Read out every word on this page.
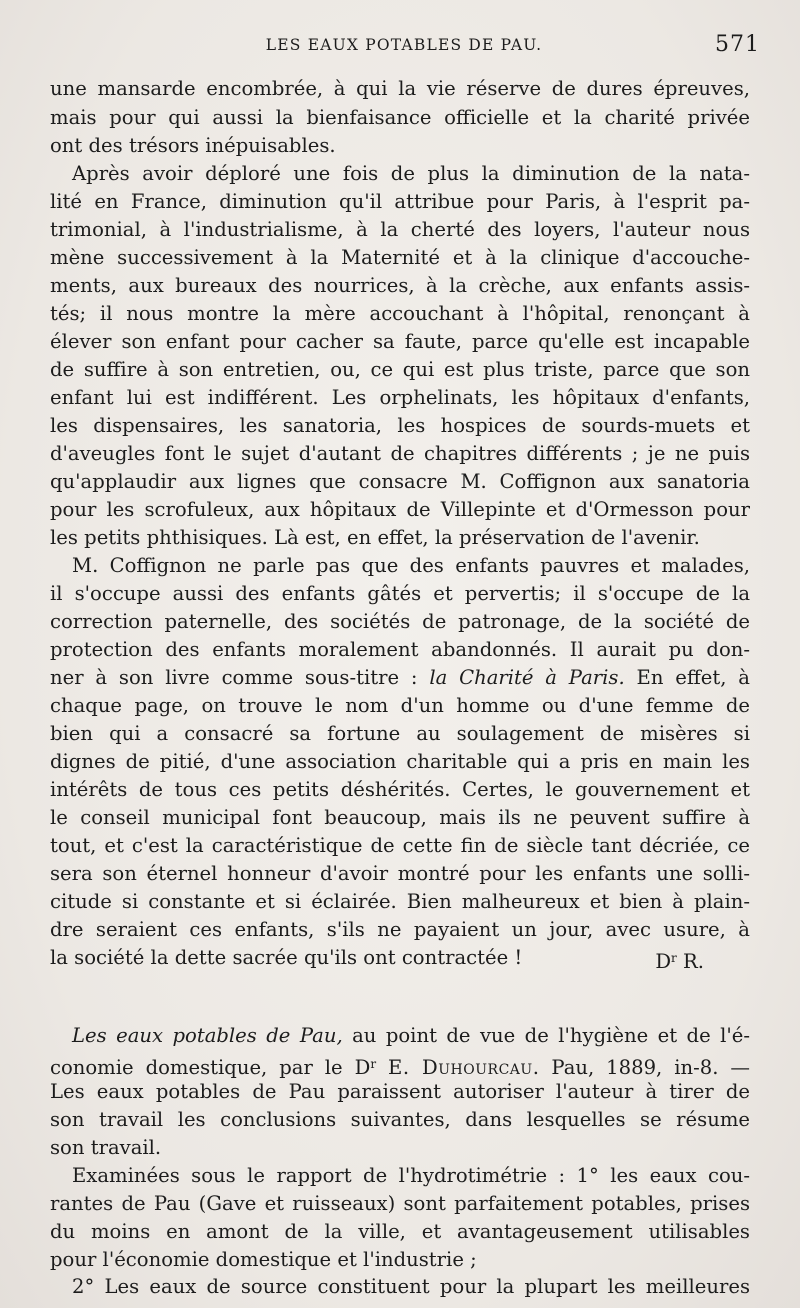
LES EAUX POTABLES DE PAU.	571
une mansarde encombrée, à qui la vie réserve de dures épreuves,
mais pour qui aussi la bienfaisance officielle et la charité privée
ont des trésors inépuisables.
Après avoir déploré une fois de plus la diminution de la nata-
lité en France, diminution qu'il attribue pour Paris, à l'esprit pa-
trimonial, à l'industrialisme, à la cherté des loyers, l'auteur nous
mène successivement à la Maternité et à la clinique d'accouche-
ments, aux bureaux des nourrices, à la crèche, aux enfants assis-
tés; il nous montre la mère accouchant à l'hôpital, renonçant à
élever son enfant pour cacher sa faute, parce qu'elle est incapable
de suffire à son entretien, ou, ce qui est plus triste, parce que son
enfant lui est indifférent. Les orphelinats, les hôpitaux d'enfants,
les dispensaires, les sanatoria, les hospices de sourds-muets et
d'aveugles font le sujet d'autant de chapitres différents ; je ne puis
qu'applaudir aux lignes que consacre M. Coffignon aux sanatoria
pour les scrofuleux, aux hôpitaux de Villepinte et d'Ormesson pour
les petits phthisiques. Là est, en effet, la préservation de l'avenir.
M. Coffignon ne parle pas que des enfants pauvres et malades,
il s'occupe aussi des enfants gâtés et pervertis; il s'occupe de la
correction paternelle, des sociétés de patronage, de la société de
protection des enfants moralement abandonnés. Il aurait pu don-
ner à son livre comme sous-titre : la Charité à Paris. En effet, à
chaque page, on trouve le nom d'un homme ou d'une femme de
bien qui a consacré sa fortune au soulagement de misères si
dignes de pitié, d'une association charitable qui a pris en main les
intérêts de tous ces petits déshérités. Certes, le gouvernement et
le conseil municipal font beaucoup, mais ils ne peuvent suffire à
tout, et c'est la caractéristique de cette fin de siècle tant décriée, ce
sera son éternel honneur d'avoir montré pour les enfants une solli-
citude si constante et si éclairée. Bien malheureux et bien à plain-
dre seraient ces enfants, s'ils ne payaient un jour, avec usure, à
la société la dette sacrée qu'ils ont contractée !	$D^r$ R.
Les eaux potables de Pau, au point de vue de l'hygiène et de l'é-
conomie domestique, par le $D^r$ E. Duhourcau. Pau, 1889, in-8. —
Les eaux potables de Pau paraissent autoriser l'auteur à tirer de
son travail les conclusions suivantes, dans lesquelles se résume
son travail.
Examinées sous le rapport de l'hydrotimétrie : 1° les eaux cou-
rantes de Pau (Gave et ruisseaux) sont parfaitement potables, prises
du moins en amont de la ville, et avantageusement utilisables
pour l'économie domestique et l'industrie ;
2° Les eaux de source constituent pour la plupart les meilleures
